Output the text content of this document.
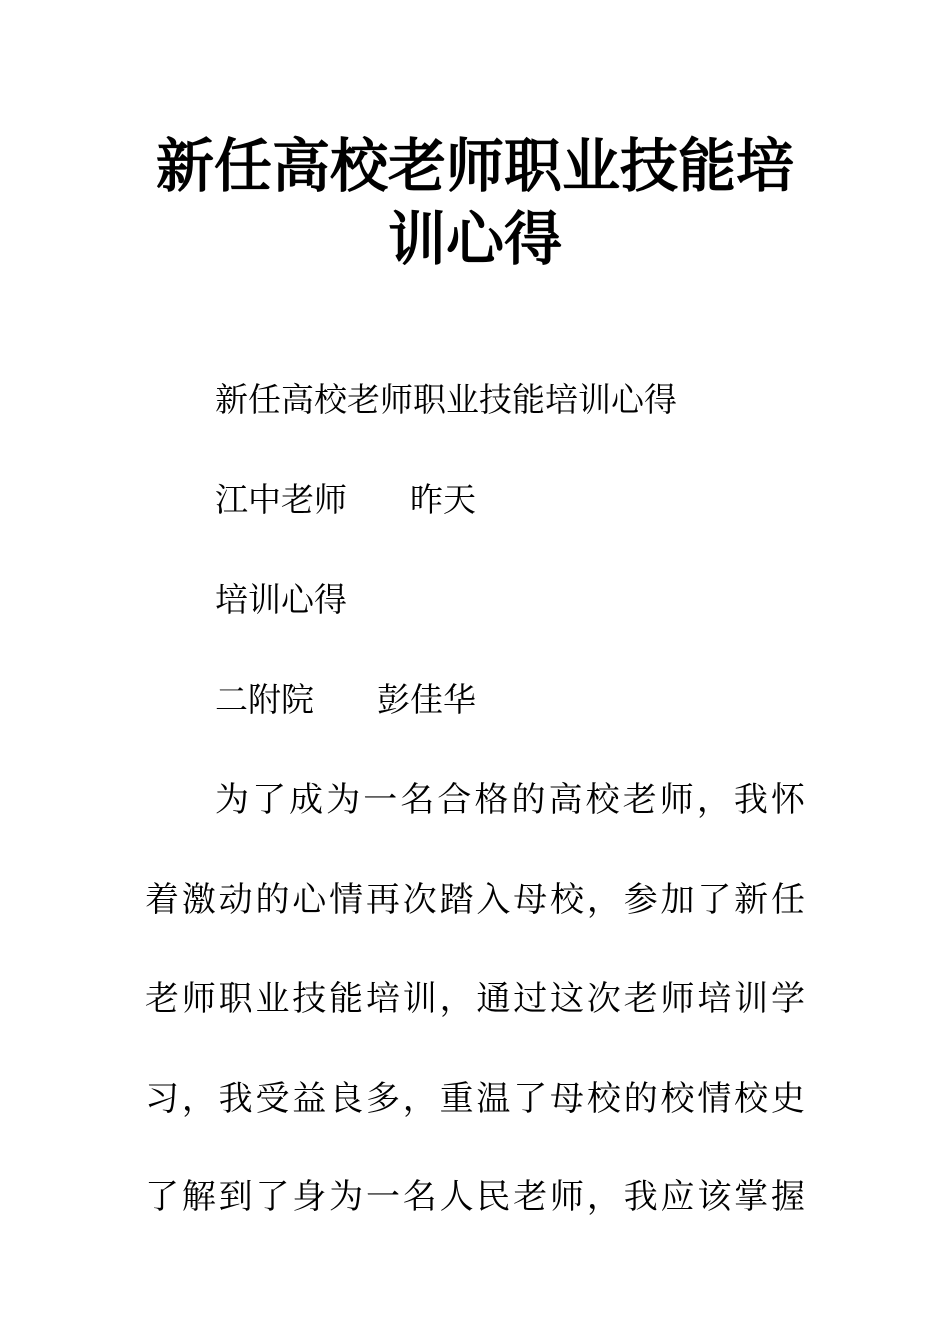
新任高校老师职业技能培
训心得
新任高校老师职业技能培训心得
江中老师      昨天
培训心得
二附院      彭佳华
为了成为一名合格的高校老师，我怀
着激动的心情再次踏入母校，参加了新任
老师职业技能培训，通过这次老师培训学
习，我受益良多，重温了母校的校情校史
了解到了身为一名人民老师，我应该掌握
